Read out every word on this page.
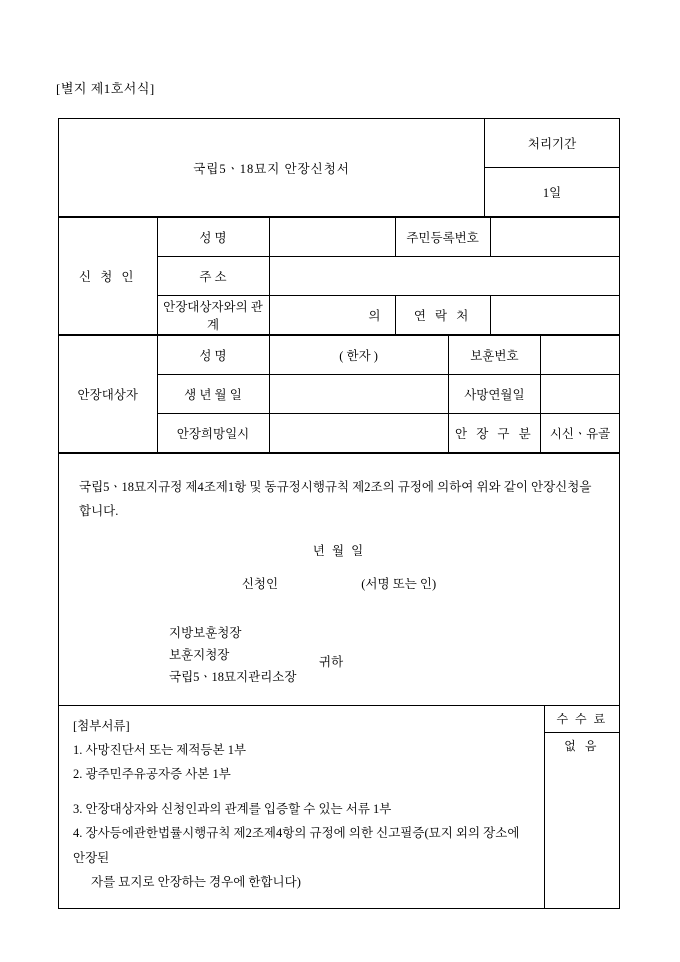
[별지 제1호서식]
국립5ㆍ18묘지 안장신청서	처리기간
1일
신 청 인	성 명		주민등록번호	
	주 소			
	안장대상자와의 관계	의	연 락 처	
안장대상자	성 명	( 한자 )	보훈번호	
	생 년 월 일		사망연월일	
	안장희망일시		안 장 구 분	시신ㆍ유골
국립5ㆍ18묘지규정 제4조제1항 및 동규정시행규칙 제2조의 규정에 의하여 위와 같이 안장신청을 합니다.
년 월 일
신청인	(서명 또는 인)
지방보훈청장
보훈지청장
국립5ㆍ18묘지관리소장
귀하
[첨부서류]
1. 사망진단서 또는 제적등본 1부
2. 광주민주유공자증 사본 1부
3. 안장대상자와 신청인과의 관계를 입증할 수 있는 서류 1부
4. 장사등에관한법률시행규칙 제2조제4항의 규정에 의한 신고필증(묘지 외의 장소에 안장된
자를 묘지로 안장하는 경우에 한합니다)
수 수 료
없 음
